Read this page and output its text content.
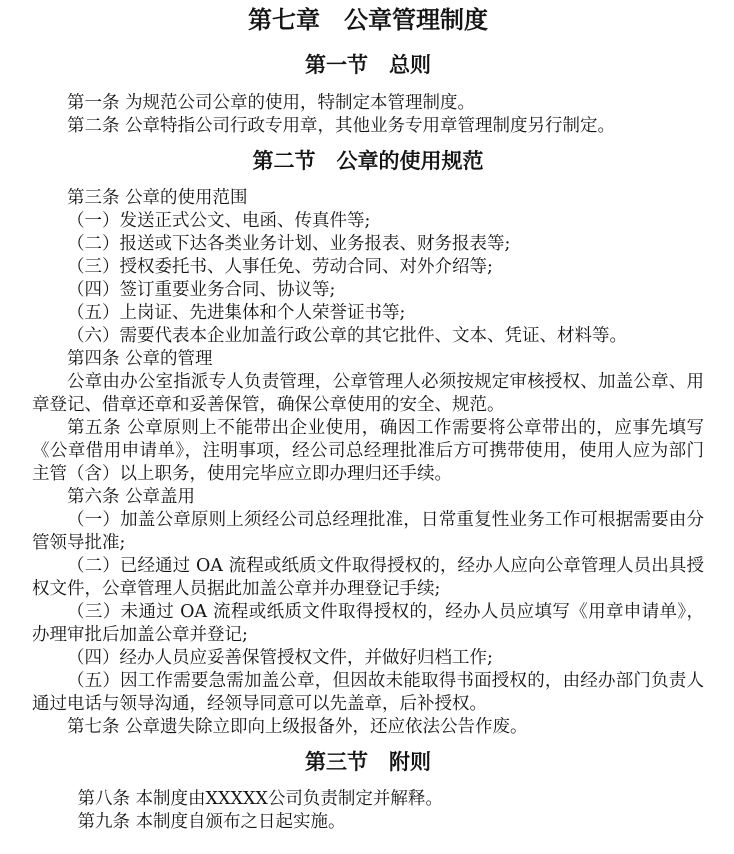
第七章　公章管理制度
第一节　总则

第一条 为规范公司公章的使用，特制定本管理制度。

第二条 公章特指公司行政专用章，其他业务专用章管理制度另行制定。

第二节　公章的使用规范

第三条 公章的使用范围

（一）发送正式公文、电函、传真件等;

（二）报送或下达各类业务计划、业务报表、财务报表等;

（三）授权委托书、人事任免、劳动合同、对外介绍等;

（四）签订重要业务合同、协议等;

（五）上岗证、先进集体和个人荣誉证书等;

（六）需要代表本企业加盖行政公章的其它批件、文本、凭证、材料等。

第四条 公章的管理

公章由办公室指派专人负责管理，公章管理人必须按规定审核授权、加盖公章、用章登记、借章还章和妥善保管，确保公章使用的安全、规范。

第五条 公章原则上不能带出企业使用，确因工作需要将公章带出的，应事先填写《公章借用申请单》，注明事项，经公司总经理批准后方可携带使用，使用人应为部门主管（含）以上职务，使用完毕应立即办理归还手续。

第六条 公章盖用

（一）加盖公章原则上须经公司总经理批准，日常重复性业务工作可根据需要由分管领导批准;

（二）已经通过 OA 流程或纸质文件取得授权的，经办人应向公章管理人员出具授权文件，公章管理人员据此加盖公章并办理登记手续;

（三）未通过 OA 流程或纸质文件取得授权的，经办人员应填写《用章申请单》，办理审批后加盖公章并登记;

（四）经办人员应妥善保管授权文件，并做好归档工作;

（五）因工作需要急需加盖公章，但因故未能取得书面授权的，由经办部门负责人通过电话与领导沟通，经领导同意可以先盖章，后补授权。

第七条 公章遗失除立即向上级报备外，还应依法公告作废。

第三节　附则

第八条 本制度由XXXXX公司负责制定并解释。

第九条 本制度自颁布之日起实施。
